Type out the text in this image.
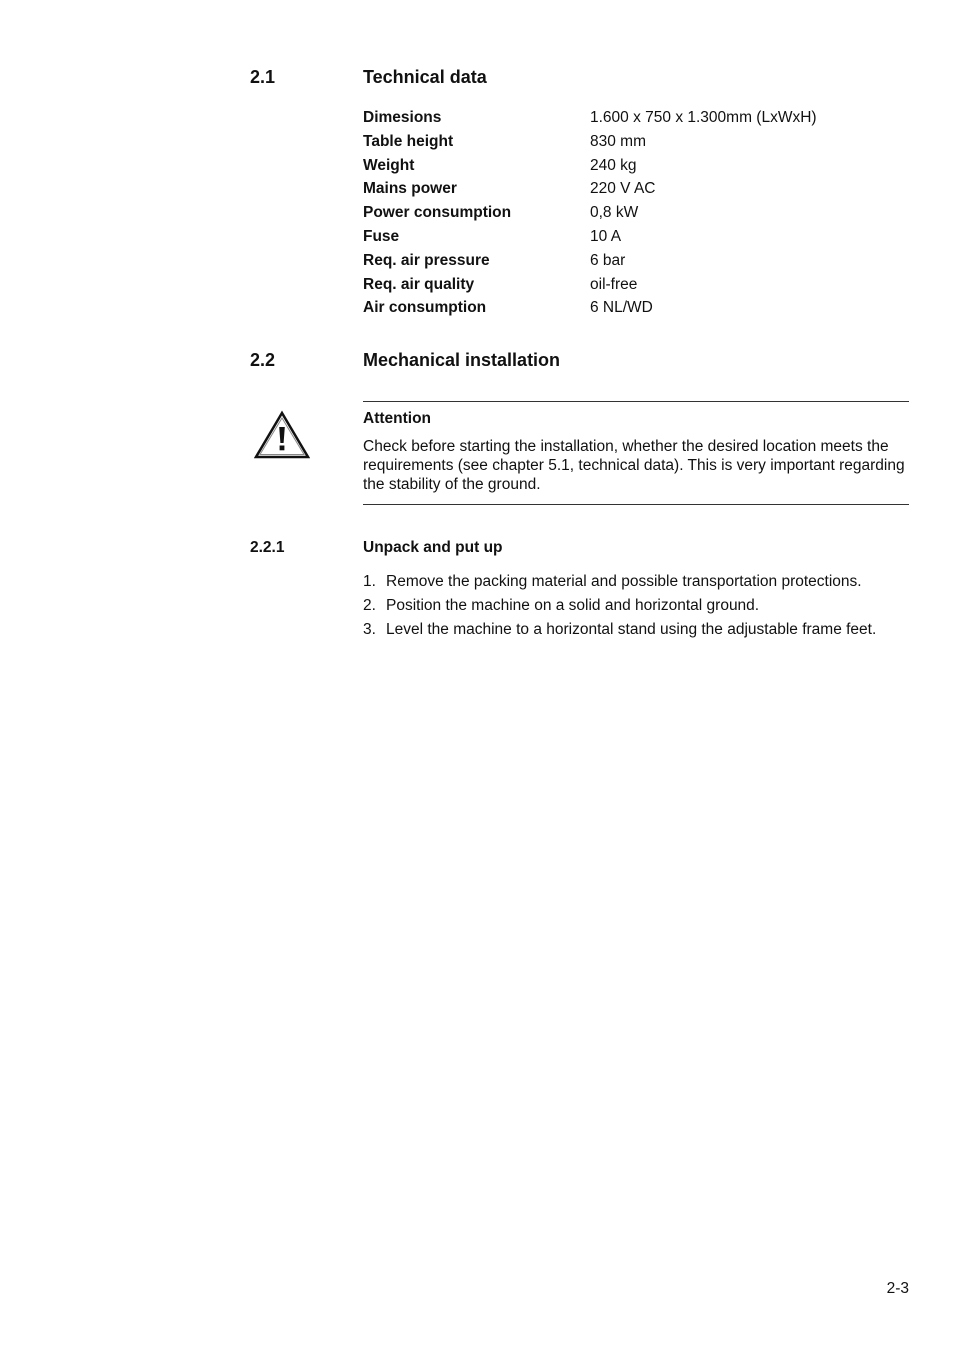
2.1	Technical data
Dimesions	1.600 x 750 x 1.300mm (LxWxH)
Table height	830 mm
Weight	240 kg
Mains power	220 V AC
Power consumption	0,8 kW
Fuse	10 A
Req. air pressure	6 bar
Req. air quality	oil-free
Air consumption	6 NL/WD
2.2	Mechanical installation
Attention
Check before starting the installation, whether the desired location meets the requirements (see chapter 5.1, technical data). This is very important regarding the stability of the ground.
2.2.1	Unpack and put up
1. Remove the packing material and possible transportation protections.
2. Position the machine on a solid and horizontal ground.
3. Level the machine to a horizontal stand using the adjustable frame feet.
2-3
